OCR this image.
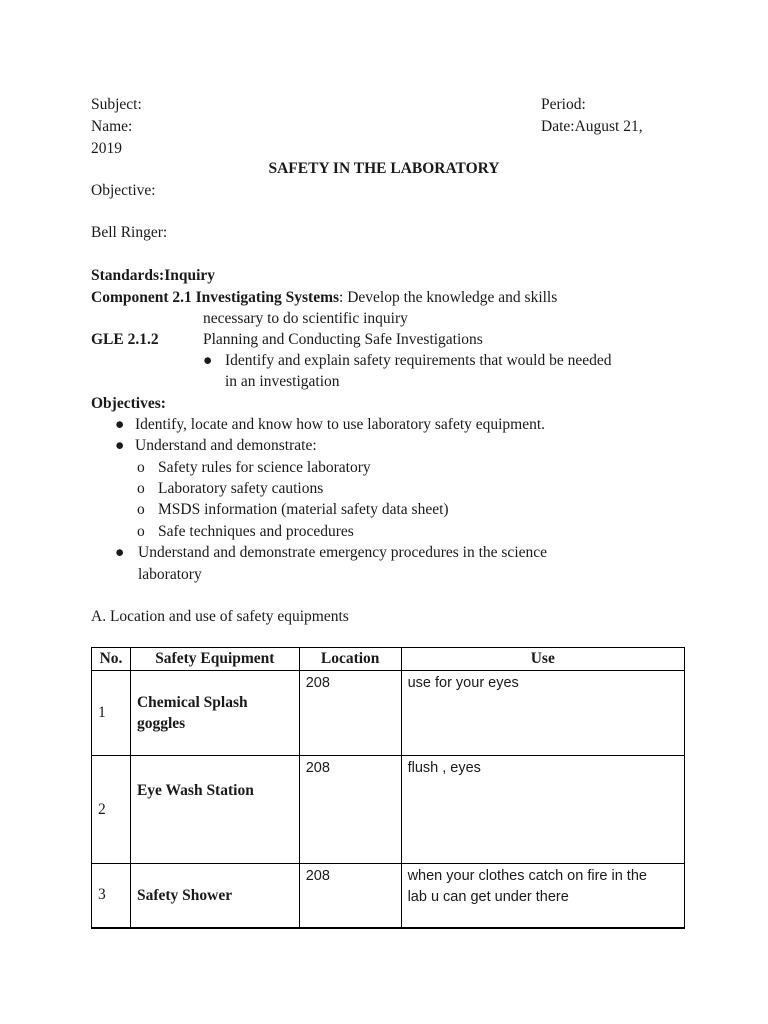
Subject:	Period:
Name:	Date:August 21,
2019
SAFETY IN THE LABORATORY
Objective:
Bell Ringer:
Standards:Inquiry
Component 2.1 Investigating Systems: Develop the knowledge and skills
necessary to do scientific inquiry
GLE 2.1.2	Planning and Conducting Safe Investigations
● Identify and explain safety requirements that would be needed
in an investigation
Objectives:
● Identify, locate and know how to use laboratory safety equipment.
● Understand and demonstrate:
o Safety rules for science laboratory
o Laboratory safety cautions
o MSDS information (material safety data sheet)
o Safe techniques and procedures
● Understand and demonstrate emergency procedures in the science
laboratory
A. Location and use of safety equipments
No.	Safety Equipment	Location	Use
1	Chemical Splash
goggles	208	use for your eyes

2	Eye Wash Station	208	flush , eyes

3	Safety Shower	208	when your clothes catch on fire in the
lab u can get under there
